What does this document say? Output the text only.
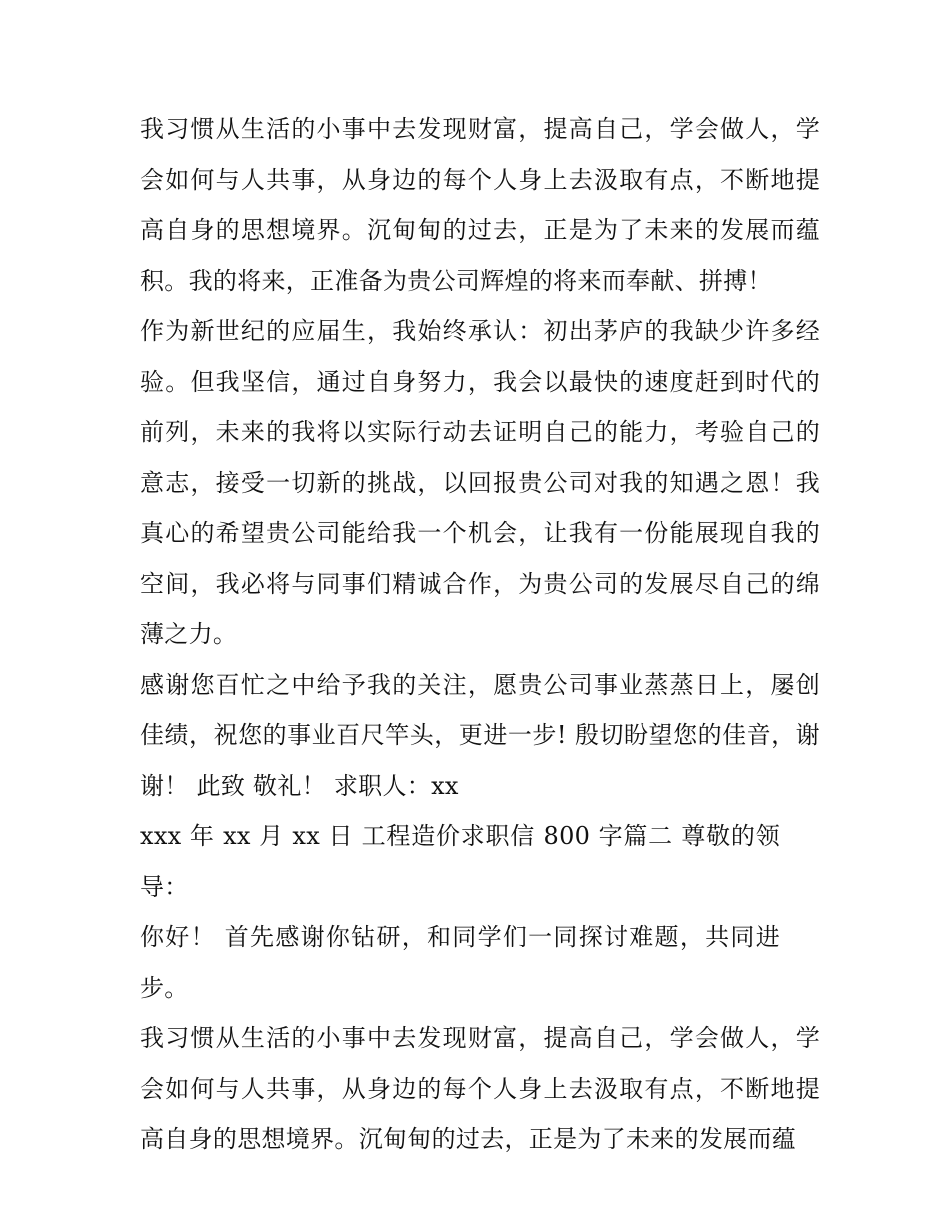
我习惯从生活的小事中去发现财富，提高自己，学会做人，学会如何与人共事，从身边的每个人身上去汲取有点，不断地提高自身的思想境界。沉甸甸的过去，正是为了未来的发展而蕴积。我的将来，正准备为贵公司辉煌的将来而奉献、拼搏！

作为新世纪的应届生，我始终承认：初出茅庐的我缺少许多经验。但我坚信，通过自身努力，我会以最快的速度赶到时代的前列，未来的我将以实际行动去证明自己的能力，考验自己的意志，接受一切新的挑战，以回报贵公司对我的知遇之恩！我真心的希望贵公司能给我一个机会，让我有一份能展现自我的空间，我必将与同事们精诚合作，为贵公司的发展尽自己的绵薄之力。

感谢您百忙之中给予我的关注，愿贵公司事业蒸蒸日上，屡创佳绩，祝您的事业百尺竿头，更进一步! 殷切盼望您的佳音，谢谢！ 此致 敬礼！ 求职人：xx

xxx 年 xx 月 xx 日 工程造价求职信 800 字篇二 尊敬的领导：

你好！ 首先感谢你钻研，和同学们一同探讨难题，共同进步。

我习惯从生活的小事中去发现财富，提高自己，学会做人，学会如何与人共事，从身边的每个人身上去汲取有点，不断地提高自身的思想境界。沉甸甸的过去，正是为了未来的发展而蕴
